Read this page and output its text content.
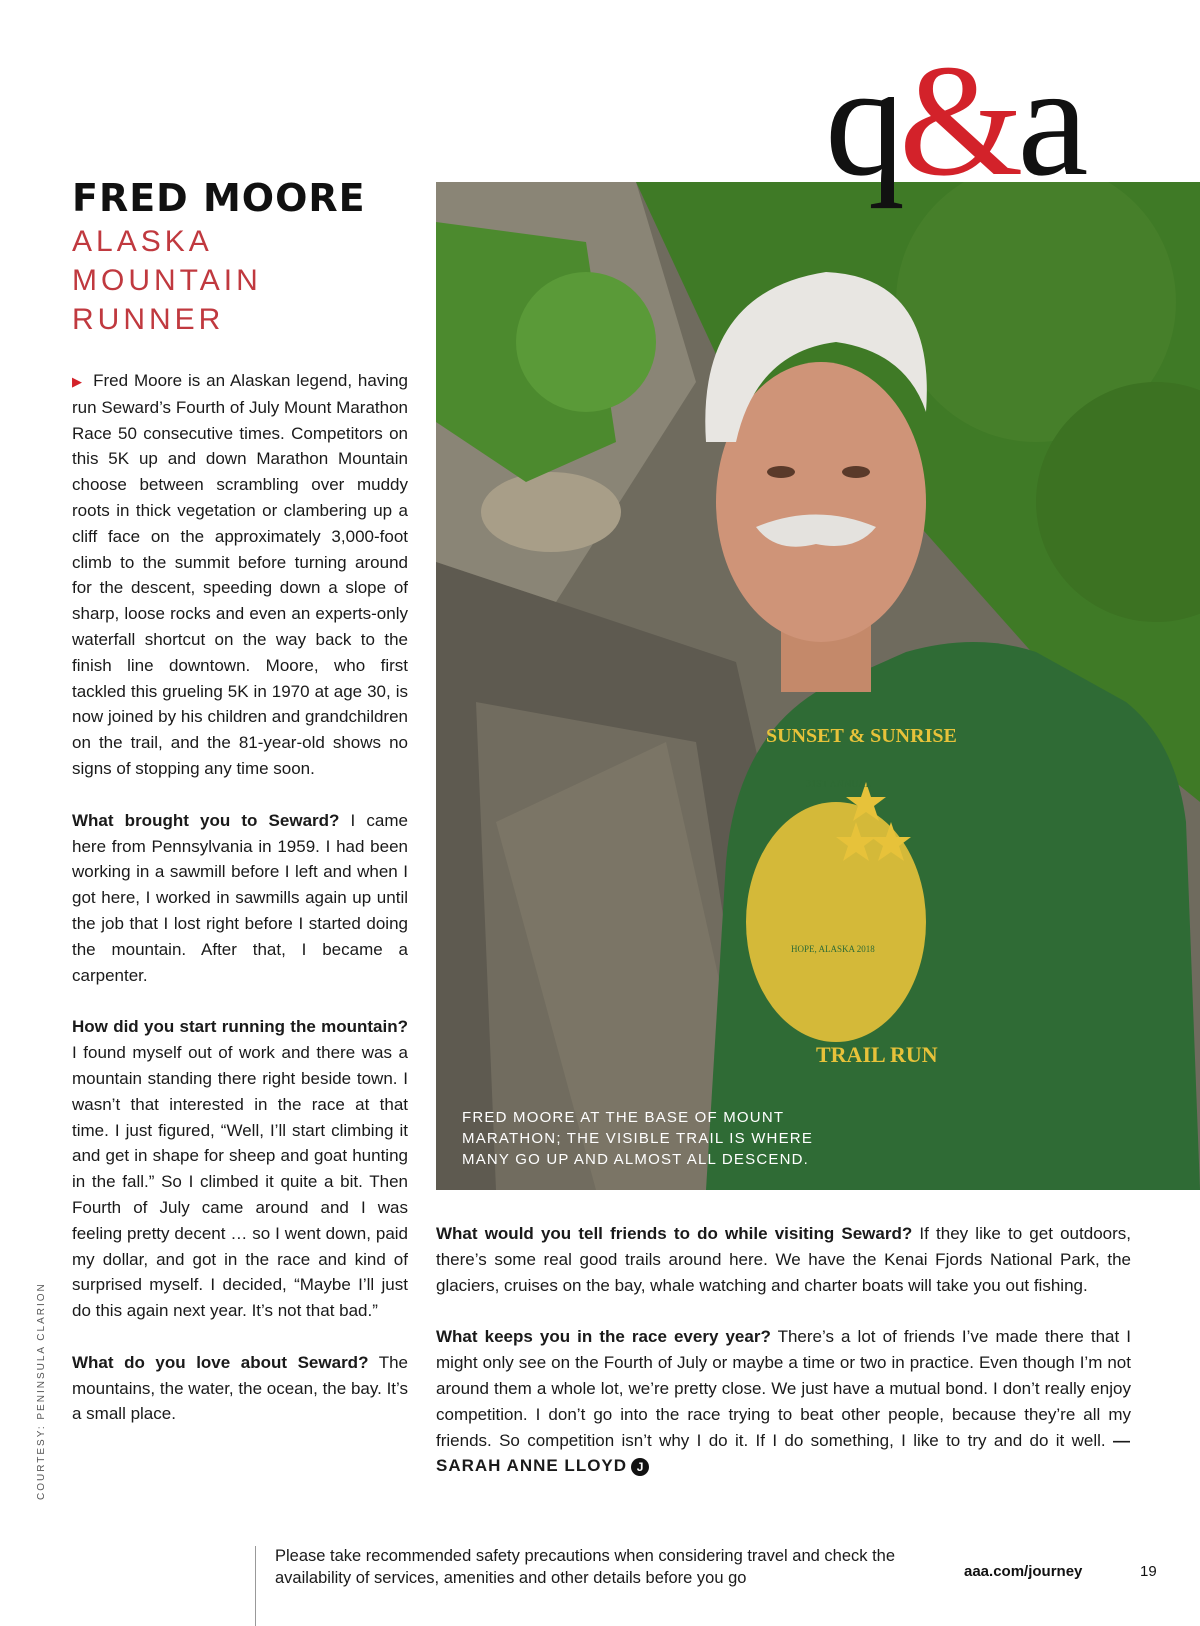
q&a
FRED MOORE
ALASKA MOUNTAIN RUNNER
SUNSET & SUNRISE
TRAIL RUN
31ST ANNUAL
HOPE, ALASKA 2018
FRED MOORE AT THE BASE OF MOUNT MARATHON; THE VISIBLE TRAIL IS WHERE MANY GO UP AND ALMOST ALL DESCEND.
COURTESY: PENINSULA CLARION

▶ Fred Moore is an Alaskan legend, having run Seward’s Fourth of July Mount Marathon Race 50 consecutive times. Competitors on this 5K up and down Marathon Mountain choose between scrambling over muddy roots in thick vegetation or clambering up a cliff face on the approximately 3,000-foot climb to the summit before turning around for the descent, speeding down a slope of sharp, loose rocks and even an experts-only waterfall shortcut on the way back to the finish line downtown. Moore, who first tackled this grueling 5K in 1970 at age 30, is now joined by his children and grandchildren on the trail, and the 81-year-old shows no signs of stopping any time soon.

What brought you to Seward? I came here from Pennsylvania in 1959. I had been working in a sawmill before I left and when I got here, I worked in sawmills again up until the job that I lost right before I started doing the mountain. After that, I became a carpenter.

How did you start running the mountain? I found myself out of work and there was a mountain standing there right beside town. I wasn’t that interested in the race at that time. I just figured, “Well, I’ll start climbing it and get in shape for sheep and goat hunting in the fall.” So I climbed it quite a bit. Then Fourth of July came around and I was feeling pretty decent … so I went down, paid my dollar, and got in the race and kind of surprised myself. I decided, “Maybe I’ll just do this again next year. It’s not that bad.”

What do you love about Seward? The mountains, the water, the ocean, the bay. It’s a small place.

What would you tell friends to do while visiting Seward? If they like to get outdoors, there’s some real good trails around here. We have the Kenai Fjords National Park, the glaciers, cruises on the bay, whale watching and charter boats will take you out fishing.

What keeps you in the race every year? There’s a lot of friends I’ve made there that I might only see on the Fourth of July or maybe a time or two in practice. Even though I’m not around them a whole lot, we’re pretty close. We just have a mutual bond. I don’t really enjoy competition. I don’t go into the race trying to beat other people, because they’re all my friends. So competition isn’t why I do it. If I do something, I like to try and do it well. — SARAH ANNE LLOYD J

Please take recommended safety precautions when considering travel and check the availability of services, amenities and other details before you go	aaa.com/journey	19
